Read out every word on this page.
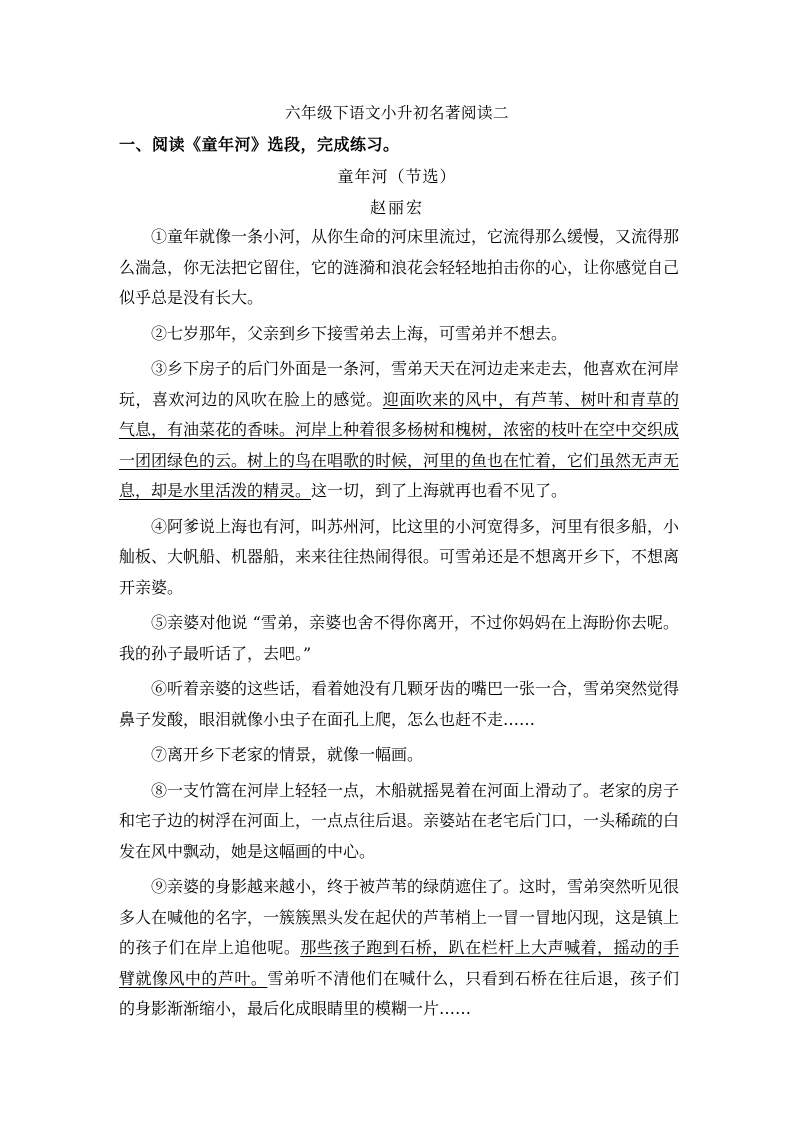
六年级下语文小升初名著阅读二
一、阅读《童年河》选段，完成练习。
童年河（节选）
赵丽宏

①童年就像一条小河，从你生命的河床里流过，它流得那么缓慢，又流得那么湍急，你无法把它留住，它的涟漪和浪花会轻轻地拍击你的心，让你感觉自己似乎总是没有长大。

②七岁那年，父亲到乡下接雪弟去上海，可雪弟并不想去。

③乡下房子的后门外面是一条河，雪弟天天在河边走来走去，他喜欢在河岸玩，喜欢河边的风吹在脸上的感觉。迎面吹来的风中，有芦苇、树叶和青草的气息，有油菜花的香味。河岸上种着很多杨树和槐树，浓密的枝叶在空中交织成一团团绿色的云。树上的鸟在唱歌的时候，河里的鱼也在忙着，它们虽然无声无息，却是水里活泼的精灵。这一切，到了上海就再也看不见了。

④阿爹说上海也有河，叫苏州河，比这里的小河宽得多，河里有很多船，小舢板、大帆船、机器船，来来往往热闹得很。可雪弟还是不想离开乡下，不想离开亲婆。

⑤亲婆对他说 “雪弟，亲婆也舍不得你离开，不过你妈妈在上海盼你去呢。我的孙子最听话了，去吧。”

⑥听着亲婆的这些话，看着她没有几颗牙齿的嘴巴一张一合，雪弟突然觉得鼻子发酸，眼泪就像小虫子在面孔上爬，怎么也赶不走……

⑦离开乡下老家的情景，就像一幅画。

⑧一支竹篙在河岸上轻轻一点，木船就摇晃着在河面上滑动了。老家的房子和宅子边的树浮在河面上，一点点往后退。亲婆站在老宅后门口，一头稀疏的白发在风中飘动，她是这幅画的中心。

⑨亲婆的身影越来越小，终于被芦苇的绿荫遮住了。这时，雪弟突然听见很多人在喊他的名字，一簇簇黑头发在起伏的芦苇梢上一冒一冒地闪现，这是镇上的孩子们在岸上追他呢。那些孩子跑到石桥，趴在栏杆上大声喊着，摇动的手臂就像风中的芦叶。雪弟听不清他们在喊什么，只看到石桥在往后退，孩子们的身影渐渐缩小，最后化成眼睛里的模糊一片……
